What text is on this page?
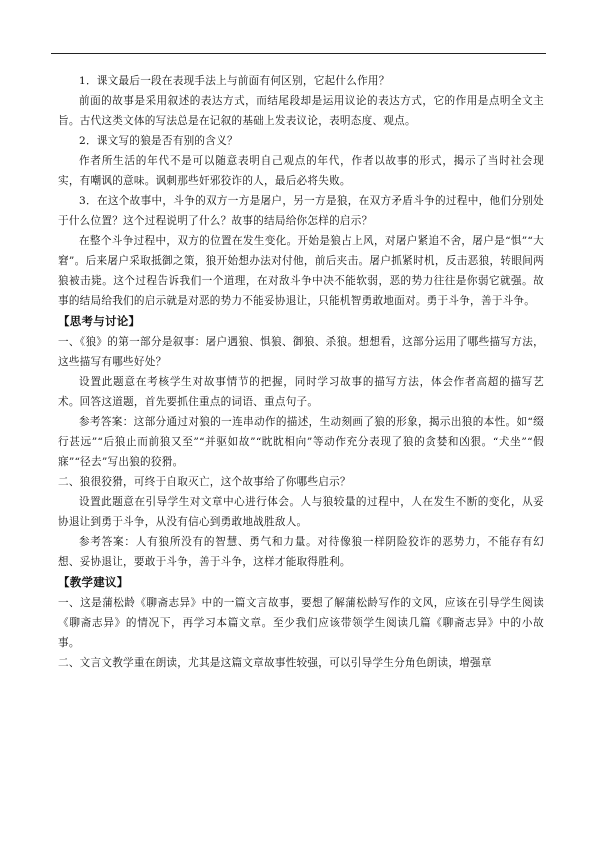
1．课文最后一段在表现手法上与前面有何区别，它起什么作用？

前面的故事是采用叙述的表达方式，而结尾段却是运用议论的表达方式，它的作用是点明全文主旨。古代这类文体的写法总是在记叙的基础上发表议论，表明态度、观点。

2．课文写的狼是否有别的含义？

作者所生活的年代不是可以随意表明自己观点的年代，作者以故事的形式，揭示了当时社会现实，有嘲讽的意味。讽刺那些奸邪狡诈的人，最后必将失败。

3．在这个故事中，斗争的双方一方是屠户，另一方是狼，在双方矛盾斗争的过程中，他们分别处于什么位置？这个过程说明了什么？故事的结局给你怎样的启示？

在整个斗争过程中，双方的位置在发生变化。开始是狼占上风，对屠户紧追不舍，屠户是“惧”“大窘”。后来屠户采取抵御之策，狼开始想办法对付他，前后夹击。屠户抓紧时机，反击恶狼，转眼间两狼被击毙。这个过程告诉我们一个道理，在对敌斗争中决不能软弱，恶的势力往往是你弱它就强。故事的结局给我们的启示就是对恶的势力不能妥协退让，只能机智勇敢地面对。勇于斗争，善于斗争。

【思考与讨论】

一、《狼》的第一部分是叙事：屠户遇狼、惧狼、御狼、杀狼。想想看，这部分运用了哪些描写方法，这些描写有哪些好处？

设置此题意在考核学生对故事情节的把握，同时学习故事的描写方法，体会作者高超的描写艺术。回答这道题，首先要抓住重点的词语、重点句子。

参考答案：这部分通过对狼的一连串动作的描述，生动刻画了狼的形象，揭示出狼的本性。如“缀行甚远”“后狼止而前狼又至”“并驱如故”“眈眈相向”等动作充分表现了狼的贪婪和凶狠。“犬坐”“假寐”“径去”写出狼的狡猾。

二、狼很狡猾，可终于自取灭亡，这个故事给了你哪些启示？

设置此题意在引导学生对文章中心进行体会。人与狼较量的过程中，人在发生不断的变化，从妥协退让到勇于斗争，从没有信心到勇敢地战胜敌人。

参考答案：人有狼所没有的智慧、勇气和力量。对待像狼一样阴险狡诈的恶势力，不能存有幻想、妥协退让，要敢于斗争，善于斗争，这样才能取得胜利。

【教学建议】

一、这是蒲松龄《聊斋志异》中的一篇文言故事，要想了解蒲松龄写作的文风，应该在引导学生阅读《聊斋志异》的情况下，再学习本篇文章。至少我们应该带领学生阅读几篇《聊斋志异》中的小故事。

二、文言文教学重在朗读，尤其是这篇文章故事性较强，可以引导学生分角色朗读，增强章
